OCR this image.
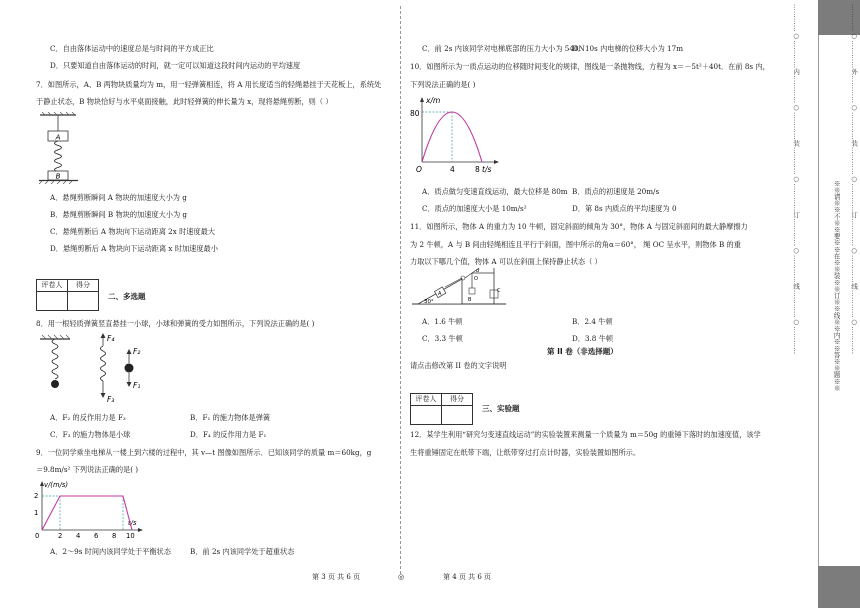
C．自由落体运动中的速度总是与时间的平方成正比
D．只要知道自由落体运动的时间，就一定可以知道这段时间内运动的平均速度
7．如图所示，A、B 两物块质量均为 m，用一轻弹簧相连，将 A 用长度适当的轻绳悬挂于天花板上，系统处
于静止状态，B 物块恰好与水平桌面接触，此时轻弹簧的伸长量为 x，现将悬绳剪断，则（ ）
A
B
A．悬绳剪断瞬间 A 物块的加速度大小为 g
B．悬绳剪断瞬间 B 物块的加速度大小为 g
C．悬绳剪断后 A 物块向下运动距离 2x 时速度最大
D．悬绳剪断后 A 物块向下运动距离 x 时加速度最小
评卷人	得分

二、多选题
8．用一根轻质弹簧竖直悬挂一小球，小球和弹簧的受力如图所示，下列说法正确的是( )
F₄
F₃
F₂
F₁
A．F₂ 的反作用力是 F₃	B．F₁ 的施力物体是弹簧
C．F₃ 的施力物体是小球	D．F₄ 的反作用力是 F₁
9．一位同学乘坐电梯从一楼上到六楼的过程中，其 v—t 图像如图所示．已知该同学的质量 m＝60kg，g
＝9.8m/s² 下列说法正确的是( )
v/(m/s)
t/s
2
1
0	2 4 6 8 10
A．2～9s 时间内该同学处于平衡状态	B．前 2s 内该同学处于超重状态
C．前 2s 内该同学对电梯底部的压力大小为 540N
D．10s 内电梯的位移大小为 17m
10．如图所示为一质点运动的位移随时间变化的规律，图线是一条抛物线，方程为 x＝－5t²＋40t．在前 8s 内，
下列说法正确的是( )
x/m
80
O	4	8 t/s
A．质点做匀变速直线运动，最大位移是 80m B．质点的初速度是 20m/s
C．质点的加速度大小是 10m/s²	D．第 8s 内质点的平均速度为 0
11．如图所示，物体 A 的重力为 10 牛顿，固定斜面的倾角为 30°，物体 A 与固定斜面间的最大静摩擦力
为 2 牛顿，A 与 B 间由轻绳相连且平行于斜面，图中所示的角α＝60°， 绳 OC 呈水平，则物体 B 的重
力取以下哪几个值，物体 A 可以在斜面上保持静止状态（ ）
30°
A
B
O
α
C
A．1.6 牛顿	B．2.4 牛顿
C．3.3 牛顿	D．3.8 牛顿
第 II 卷（非选择题）
请点击修改第 II 卷的文字说明
评卷人	得分

三、实验题
12．某学生利用“研究匀变速直线运动”的实验装置来测量一个质量为 m＝50g 的重锤下落时的加速度值，该学
生将重锤固定在纸带下端，让纸带穿过打点计时器，实验装置如图所示。
第 3 页 共 6 页	◎	第 4 页 共 6 页
…………○…………内…………○…………装…………○…………订…………○…………线…………○…………	※※请※※不※※要※※在※※装※※订※※线※※内※※答※※题※※ …………○…………外…………○…………装…………○…………订…………○…………线…………○…………
